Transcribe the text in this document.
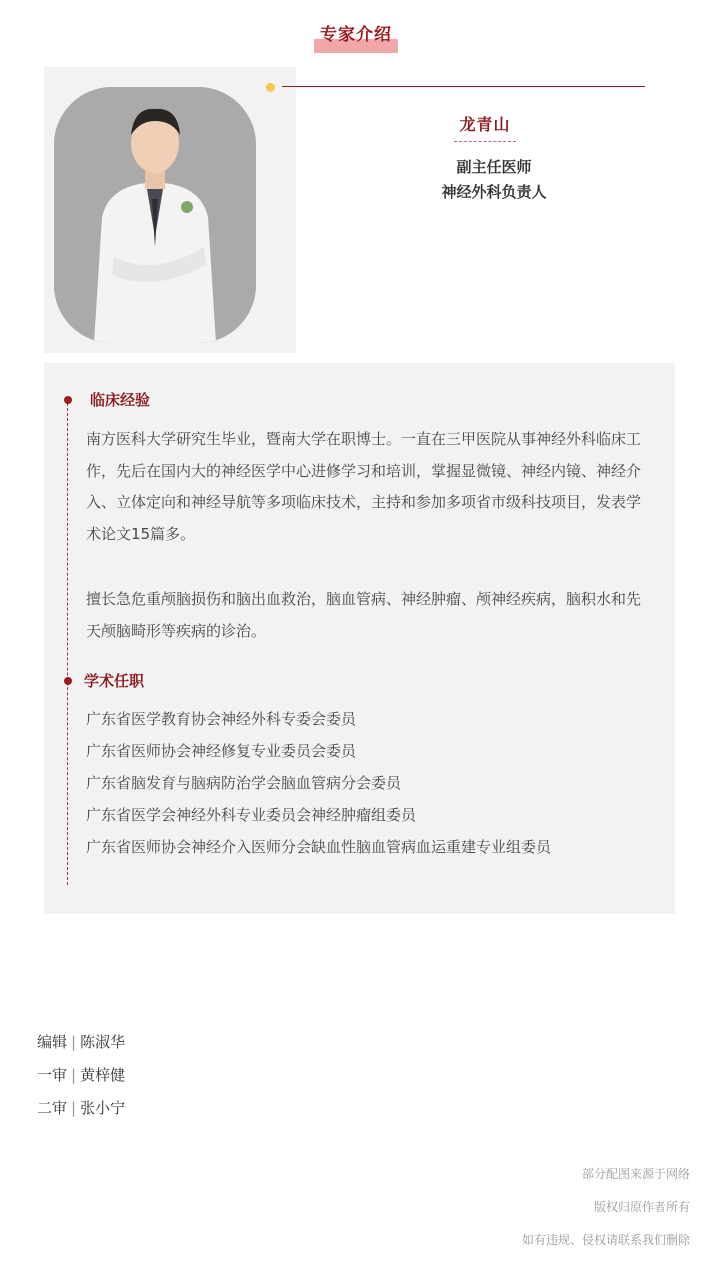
专家介绍
龙青山
副主任医师
神经外科负责人
临床经验
南方医科大学研究生毕业，暨南大学在职博士。一直在三甲医院从事神经外科临床工作，先后在国内大的神经医学中心进修学习和培训，掌握显微镜、神经内镜、神经介入、立体定向和神经导航等多项临床技术，主持和参加多项省市级科技项目，发表学术论文15篇多。
擅长急危重颅脑损伤和脑出血救治，脑血管病、神经肿瘤、颅神经疾病，脑积水和先天颅脑畸形等疾病的诊治。
学术任职
广东省医学教育协会神经外科专委会委员
广东省医师协会神经修复专业委员会委员
广东省脑发育与脑病防治学会脑血管病分会委员
广东省医学会神经外科专业委员会神经肿瘤组委员
广东省医师协会神经介入医师分会缺血性脑血管病血运重建专业组委员
编辑 | 陈淑华
一审 | 黄梓健
二审 | 张小宁
部分配图来源于网络
版权归原作者所有
如有违规、侵权请联系我们删除
